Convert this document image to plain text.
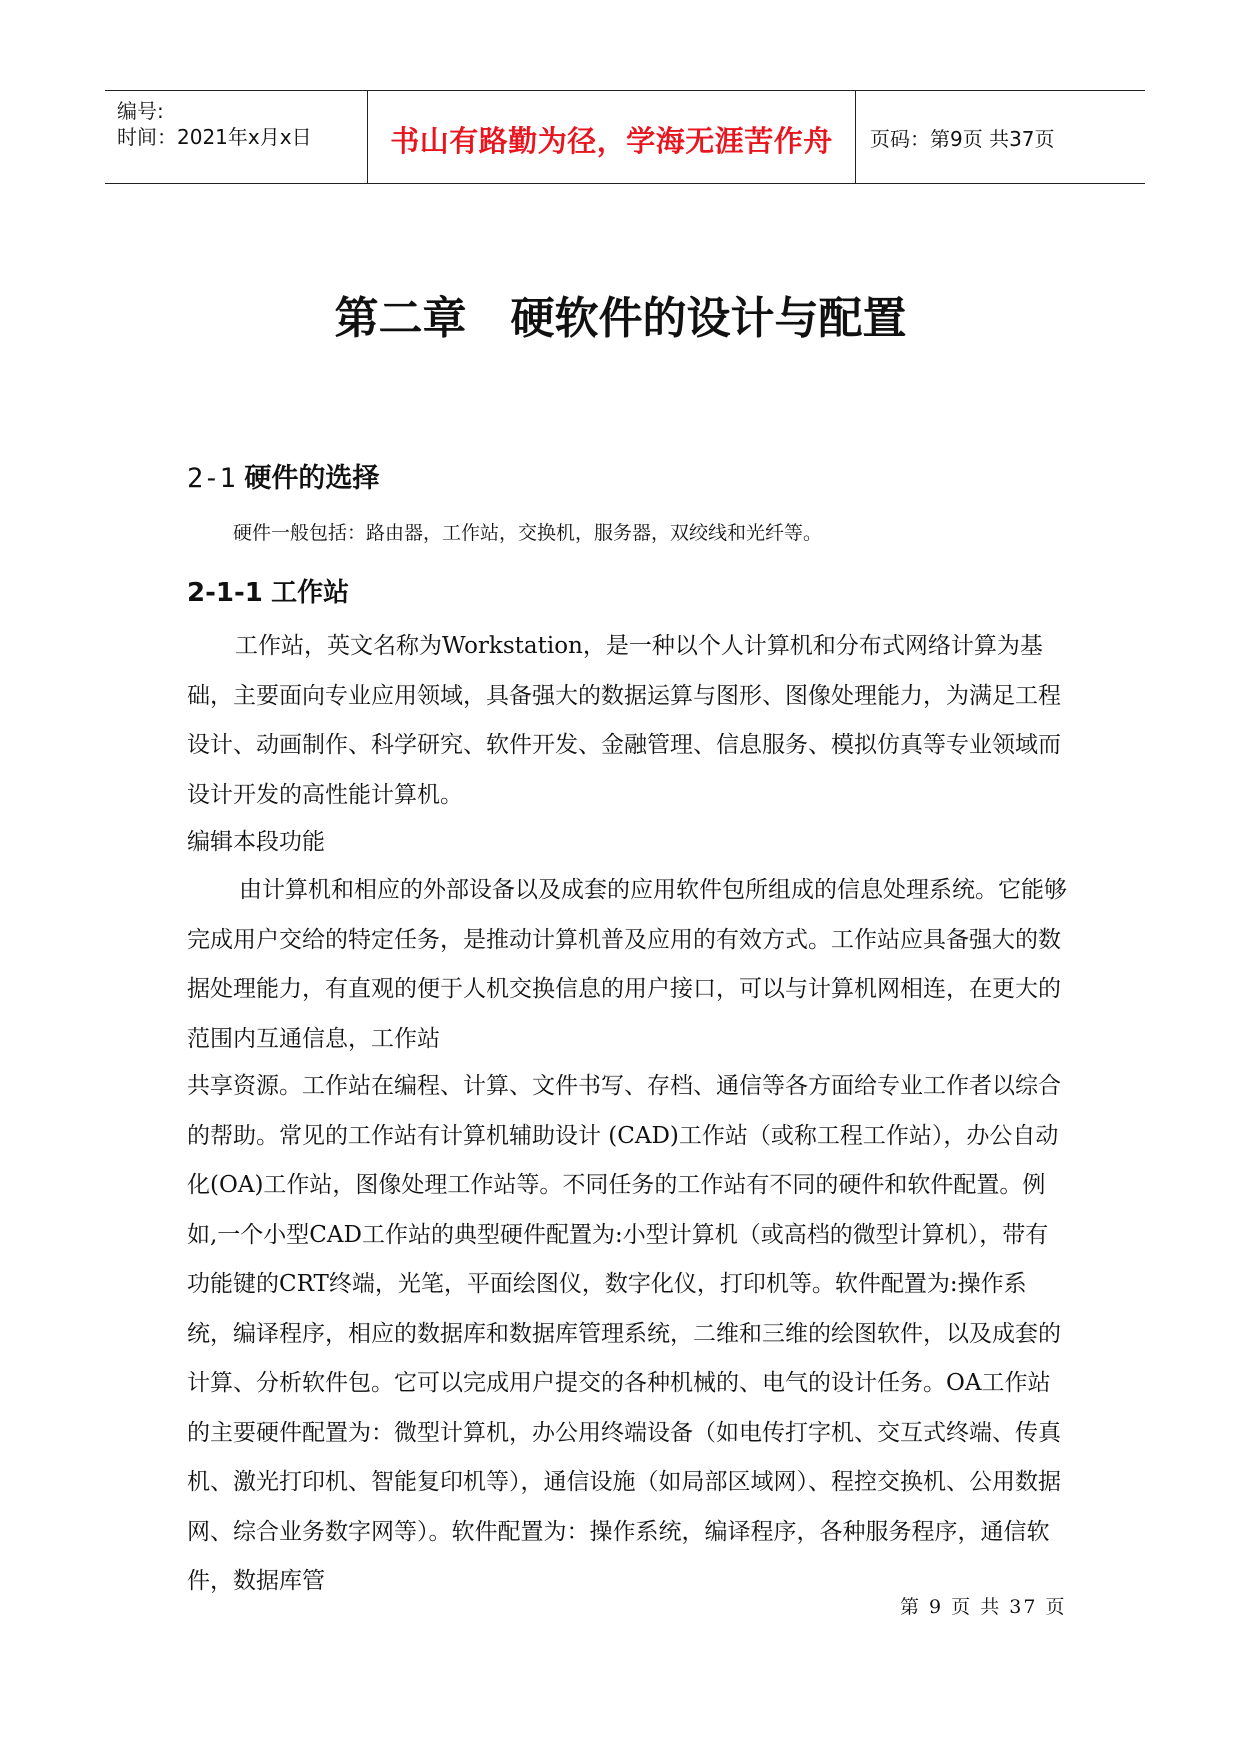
编号:
时间：2021年x月x日	书山有路勤为径，学海无涯苦作舟	页码：第9页 共37页
第二章　硬软件的设计与配置
2-1 硬件的选择
硬件一般包括：路由器，工作站，交换机，服务器，双绞线和光纤等。
2-1-1 工作站

工作站，英文名称为Workstation，是一种以个人计算机和分布式网络计算为基础，主要面向专业应用领域，具备强大的数据运算与图形、图像处理能力，为满足工程设计、动画制作、科学研究、软件开发、金融管理、信息服务、模拟仿真等专业领域而设计开发的高性能计算机。

编辑本段功能

由计算机和相应的外部设备以及成套的应用软件包所组成的信息处理系统。它能够完成用户交给的特定任务，是推动计算机普及应用的有效方式。工作站应具备强大的数据处理能力，有直观的便于人机交换信息的用户接口，可以与计算机网相连，在更大的范围内互通信息，工作站

共享资源。工作站在编程、计算、文件书写、存档、通信等各方面给专业工作者以综合的帮助。常见的工作站有计算机辅助设计 (CAD)工作站（或称工程工作站），办公自动化(OA)工作站，图像处理工作站等。不同任务的工作站有不同的硬件和软件配置。例如,一个小型CAD工作站的典型硬件配置为:小型计算机（或高档的微型计算机），带有功能键的CRT终端，光笔，平面绘图仪，数字化仪，打印机等。软件配置为:操作系统，编译程序，相应的数据库和数据库管理系统，二维和三维的绘图软件，以及成套的计算、分析软件包。它可以完成用户提交的各种机械的、电气的设计任务。OA工作站的主要硬件配置为：微型计算机，办公用终端设备（如电传打字机、交互式终端、传真机、激光打印机、智能复印机等），通信设施（如局部区域网）、程控交换机、公用数据网、综合业务数字网等）。软件配置为：操作系统，编译程序，各种服务程序，通信软件，数据库管

第 9 页 共 37 页
